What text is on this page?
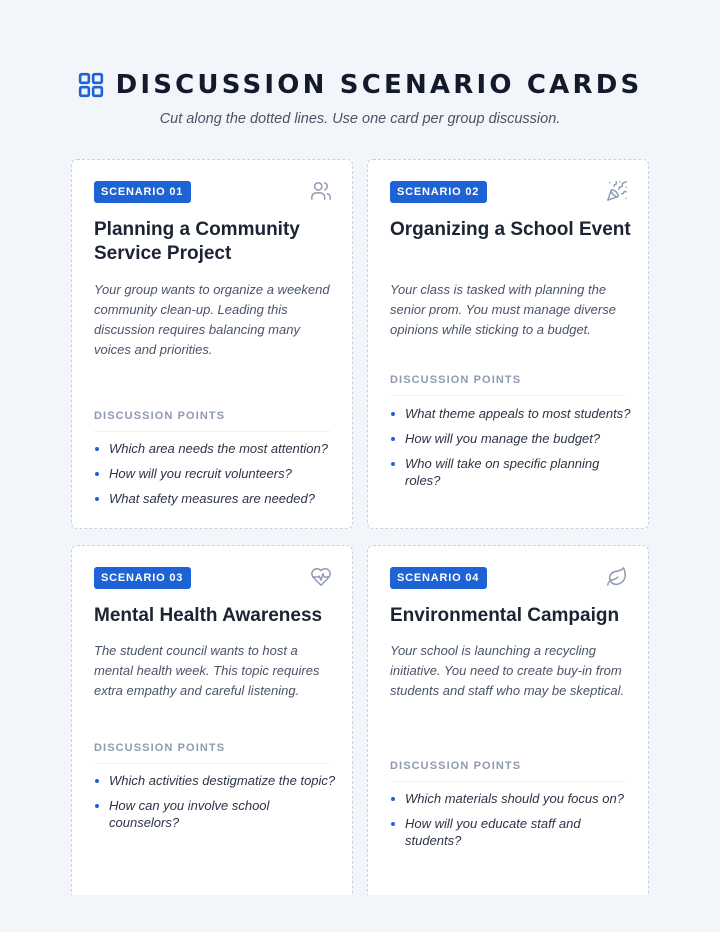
DISCUSSION SCENARIO CARDS

Cut along the dotted lines. Use one card per group discussion.

SCENARIO 01
Planning a Community Service Project

Your group wants to organize a weekend community clean-up. Leading this discussion requires balancing many voices and priorities.

DISCUSSION POINTS
Which area needs the most attention?
How will you recruit volunteers?
What safety measures are needed?
SCENARIO 02
Organizing a School Event

Your class is tasked with planning the senior prom. You must manage diverse opinions while sticking to a budget.

DISCUSSION POINTS
What theme appeals to most students?
How will you manage the budget?
Who will take on specific planning roles?
SCENARIO 03
Mental Health Awareness

The student council wants to host a mental health week. This topic requires extra empathy and careful listening.

DISCUSSION POINTS
Which activities destigmatize the topic?
How can you involve school counselors?
SCENARIO 04
Environmental Campaign

Your school is launching a recycling initiative. You need to create buy-in from students and staff who may be skeptical.

DISCUSSION POINTS
Which materials should you focus on?
How will you educate staff and students?
